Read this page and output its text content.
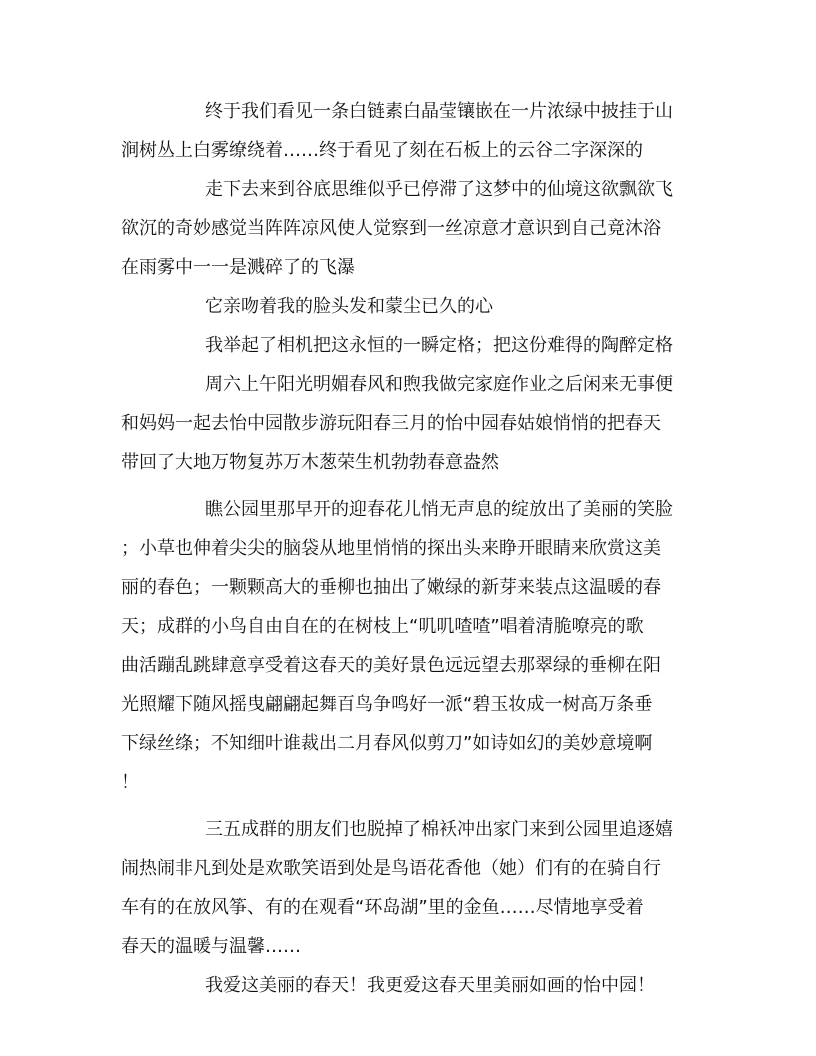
终于我们看见一条白链素白晶莹镶嵌在一片浓绿中披挂于山
涧树丛上白雾缭绕着……终于看见了刻在石板上的云谷二字深深的
走下去来到谷底思维似乎已停滞了这梦中的仙境这欲飘欲飞
欲沉的奇妙感觉当阵阵凉风使人觉察到一丝凉意才意识到自己竟沐浴
在雨雾中一一是溅碎了的飞瀑
它亲吻着我的脸头发和蒙尘已久的心
我举起了相机把这永恒的一瞬定格；把这份难得的陶醉定格
周六上午阳光明媚春风和煦我做完家庭作业之后闲来无事便
和妈妈一起去怡中园散步游玩阳春三月的怡中园春姑娘悄悄的把春天
带回了大地万物复苏万木葱荣生机勃勃春意盎然
瞧公园里那早开的迎春花儿悄无声息的绽放出了美丽的笑脸
；小草也伸着尖尖的脑袋从地里悄悄的探出头来睁开眼睛来欣赏这美
丽的春色；一颗颗高大的垂柳也抽出了嫩绿的新芽来装点这温暖的春
天；成群的小鸟自由自在的在树枝上“叽叽喳喳”唱着清脆嘹亮的歌
曲活蹦乱跳肆意享受着这春天的美好景色远远望去那翠绿的垂柳在阳
光照耀下随风摇曳翩翩起舞百鸟争鸣好一派“碧玉妆成一树高万条垂
下绿丝绦；不知细叶谁裁出二月春风似剪刀”如诗如幻的美妙意境啊
！
三五成群的朋友们也脱掉了棉袄冲出家门来到公园里追逐嬉
闹热闹非凡到处是欢歌笑语到处是鸟语花香他（她）们有的在骑自行
车有的在放风筝、有的在观看“环岛湖”里的金鱼……尽情地享受着
春天的温暖与温馨……
我爱这美丽的春天！我更爱这春天里美丽如画的怡中园！
